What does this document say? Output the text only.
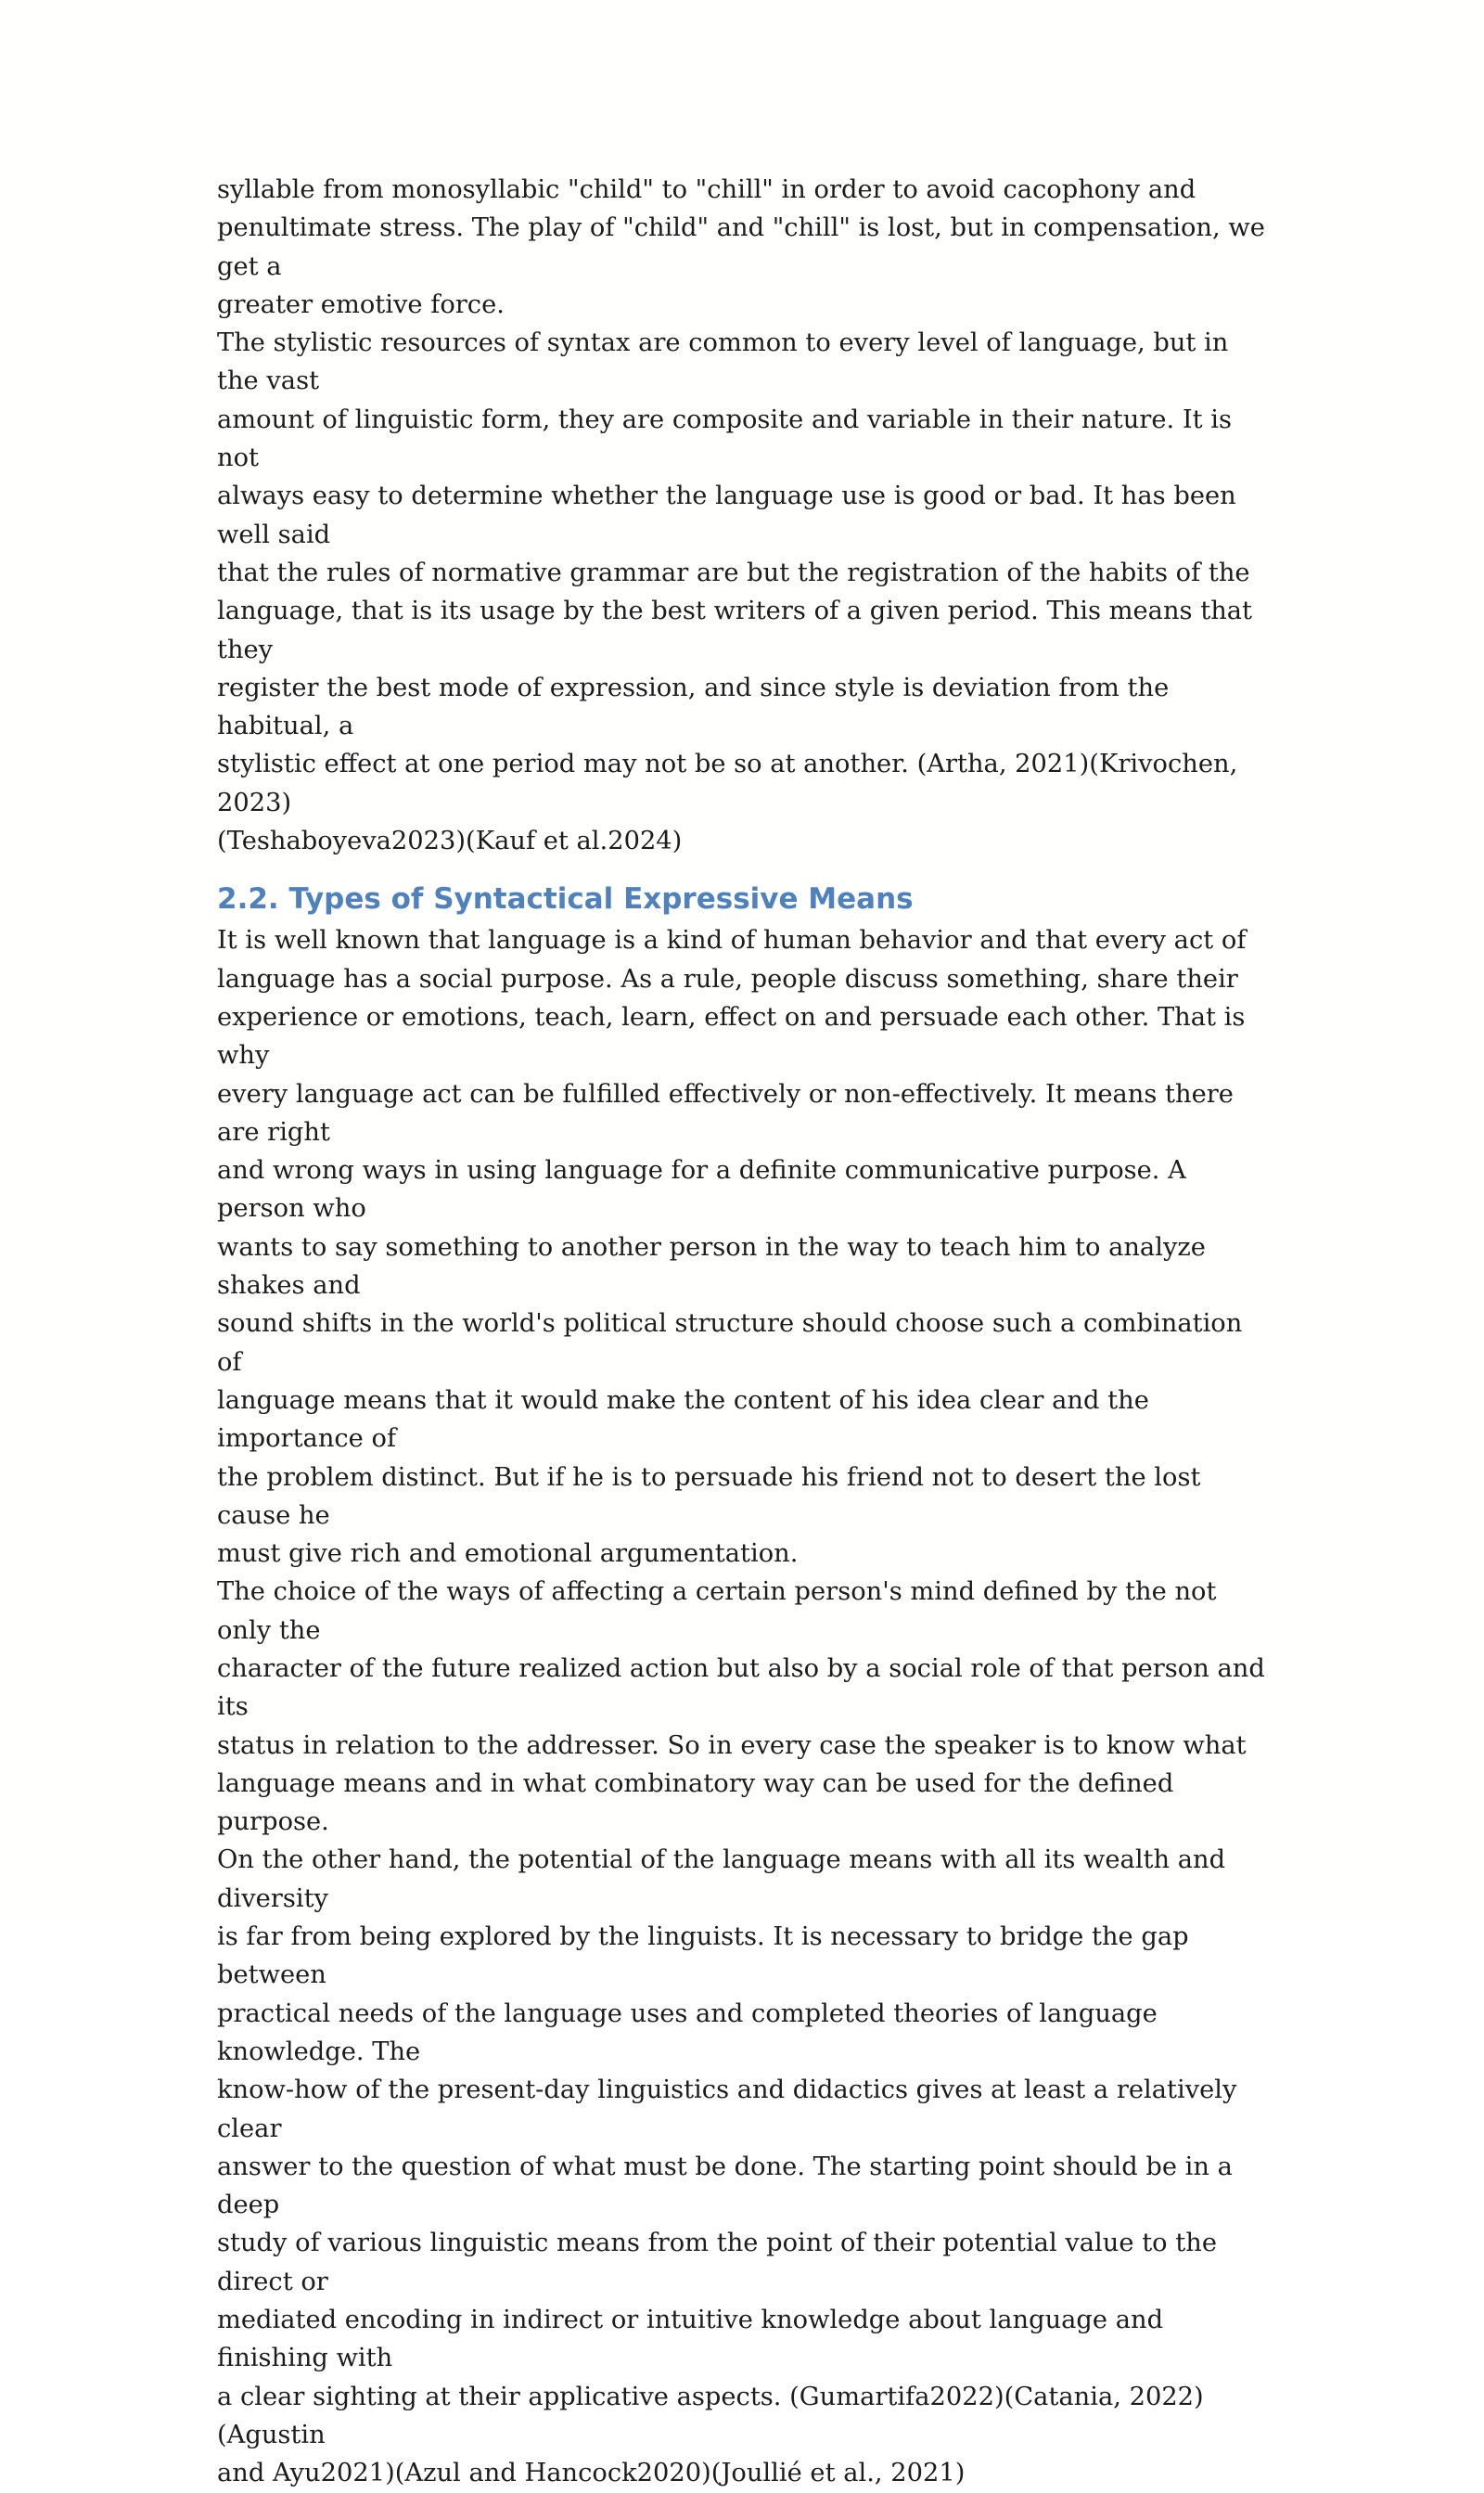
syllable from monosyllabic "child" to "chill" in order to avoid cacophony and
penultimate stress. The play of "child" and "chill" is lost, but in compensation, we get a
greater emotive force.

The stylistic resources of syntax are common to every level of language, but in the vast
amount of linguistic form, they are composite and variable in their nature. It is not
always easy to determine whether the language use is good or bad. It has been well said
that the rules of normative grammar are but the registration of the habits of the
language, that is its usage by the best writers of a given period. This means that they
register the best mode of expression, and since style is deviation from the habitual, a
stylistic effect at one period may not be so at another. (Artha, 2021)(Krivochen, 2023)
(Teshaboyeva2023)(Kauf et al.2024)

2.2. Types of Syntactical Expressive Means

It is well known that language is a kind of human behavior and that every act of
language has a social purpose. As a rule, people discuss something, share their
experience or emotions, teach, learn, effect on and persuade each other. That is why
every language act can be fulfilled effectively or non-effectively. It means there are right
and wrong ways in using language for a definite communicative purpose. A person who
wants to say something to another person in the way to teach him to analyze shakes and
sound shifts in the world's political structure should choose such a combination of
language means that it would make the content of his idea clear and the importance of
the problem distinct. But if he is to persuade his friend not to desert the lost cause he
must give rich and emotional argumentation.

The choice of the ways of affecting a certain person's mind defined by the not only the
character of the future realized action but also by a social role of that person and its
status in relation to the addresser. So in every case the speaker is to know what
language means and in what combinatory way can be used for the defined purpose.

On the other hand, the potential of the language means with all its wealth and diversity
is far from being explored by the linguists. It is necessary to bridge the gap between
practical needs of the language uses and completed theories of language knowledge. The
know-how of the present-day linguistics and didactics gives at least a relatively clear
answer to the question of what must be done. The starting point should be in a deep
study of various linguistic means from the point of their potential value to the direct or
mediated encoding in indirect or intuitive knowledge about language and finishing with
a clear sighting at their applicative aspects. (Gumartifa2022)(Catania, 2022)(Agustin
and Ayu2021)(Azul and Hancock2020)(Joullié et al., 2021)
